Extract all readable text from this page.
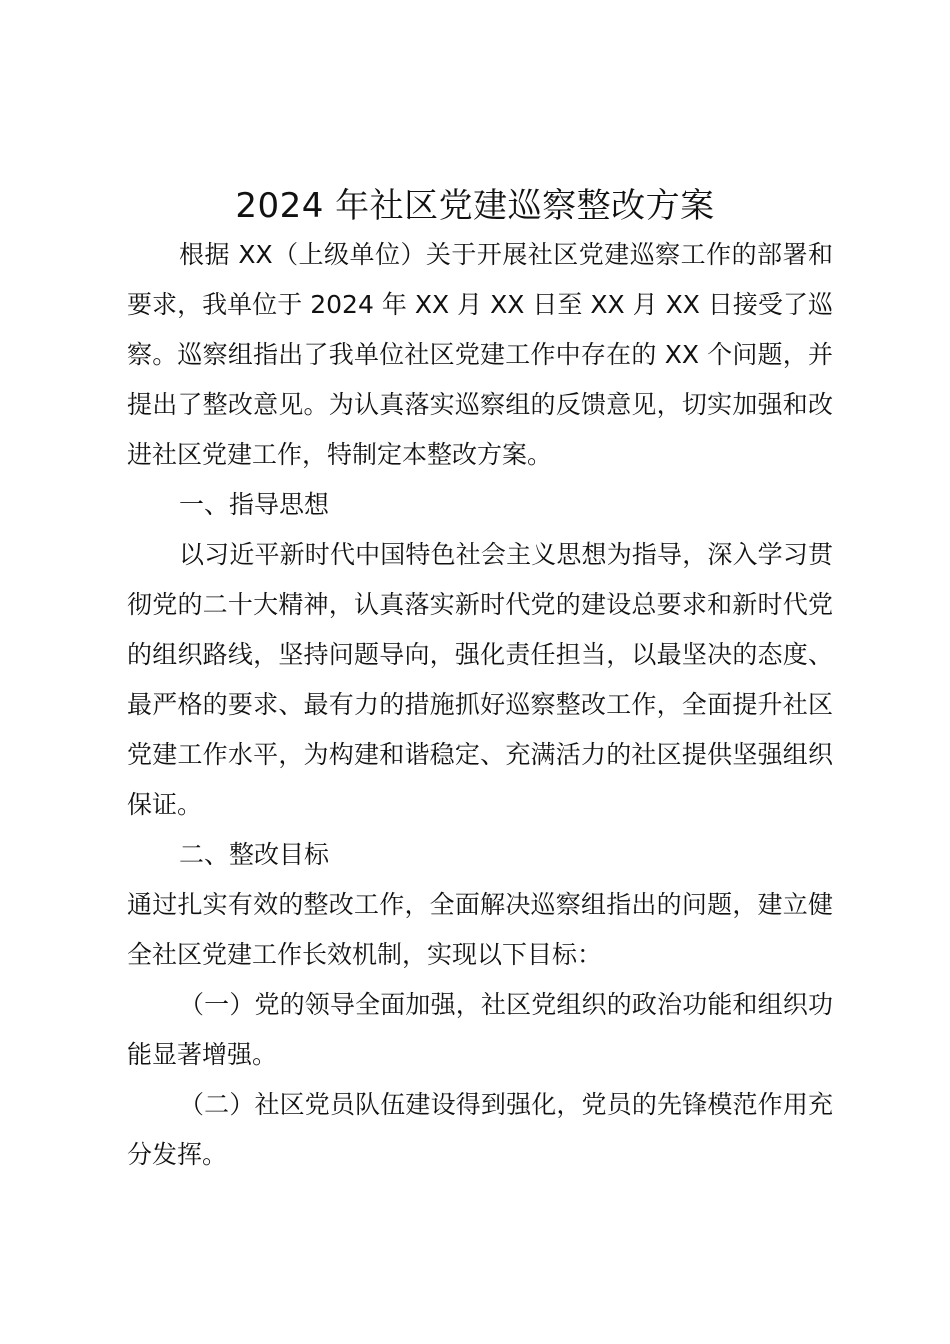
2024 年社区党建巡察整改方案

根据 XX（上级单位）关于开展社区党建巡察工作的部署和要求，我单位于 2024 年 XX 月 XX 日至 XX 月 XX 日接受了巡察。巡察组指出了我单位社区党建工作中存在的 XX 个问题，并提出了整改意见。为认真落实巡察组的反馈意见，切实加强和改进社区党建工作，特制定本整改方案。

一、指导思想

以习近平新时代中国特色社会主义思想为指导，深入学习贯彻党的二十大精神，认真落实新时代党的建设总要求和新时代党的组织路线，坚持问题导向，强化责任担当，以最坚决的态度、最严格的要求、最有力的措施抓好巡察整改工作，全面提升社区党建工作水平，为构建和谐稳定、充满活力的社区提供坚强组织保证。

二、整改目标

通过扎实有效的整改工作，全面解决巡察组指出的问题，建立健全社区党建工作长效机制，实现以下目标：

（一）党的领导全面加强，社区党组织的政治功能和组织功能显著增强。

（二）社区党员队伍建设得到强化，党员的先锋模范作用充分发挥。
